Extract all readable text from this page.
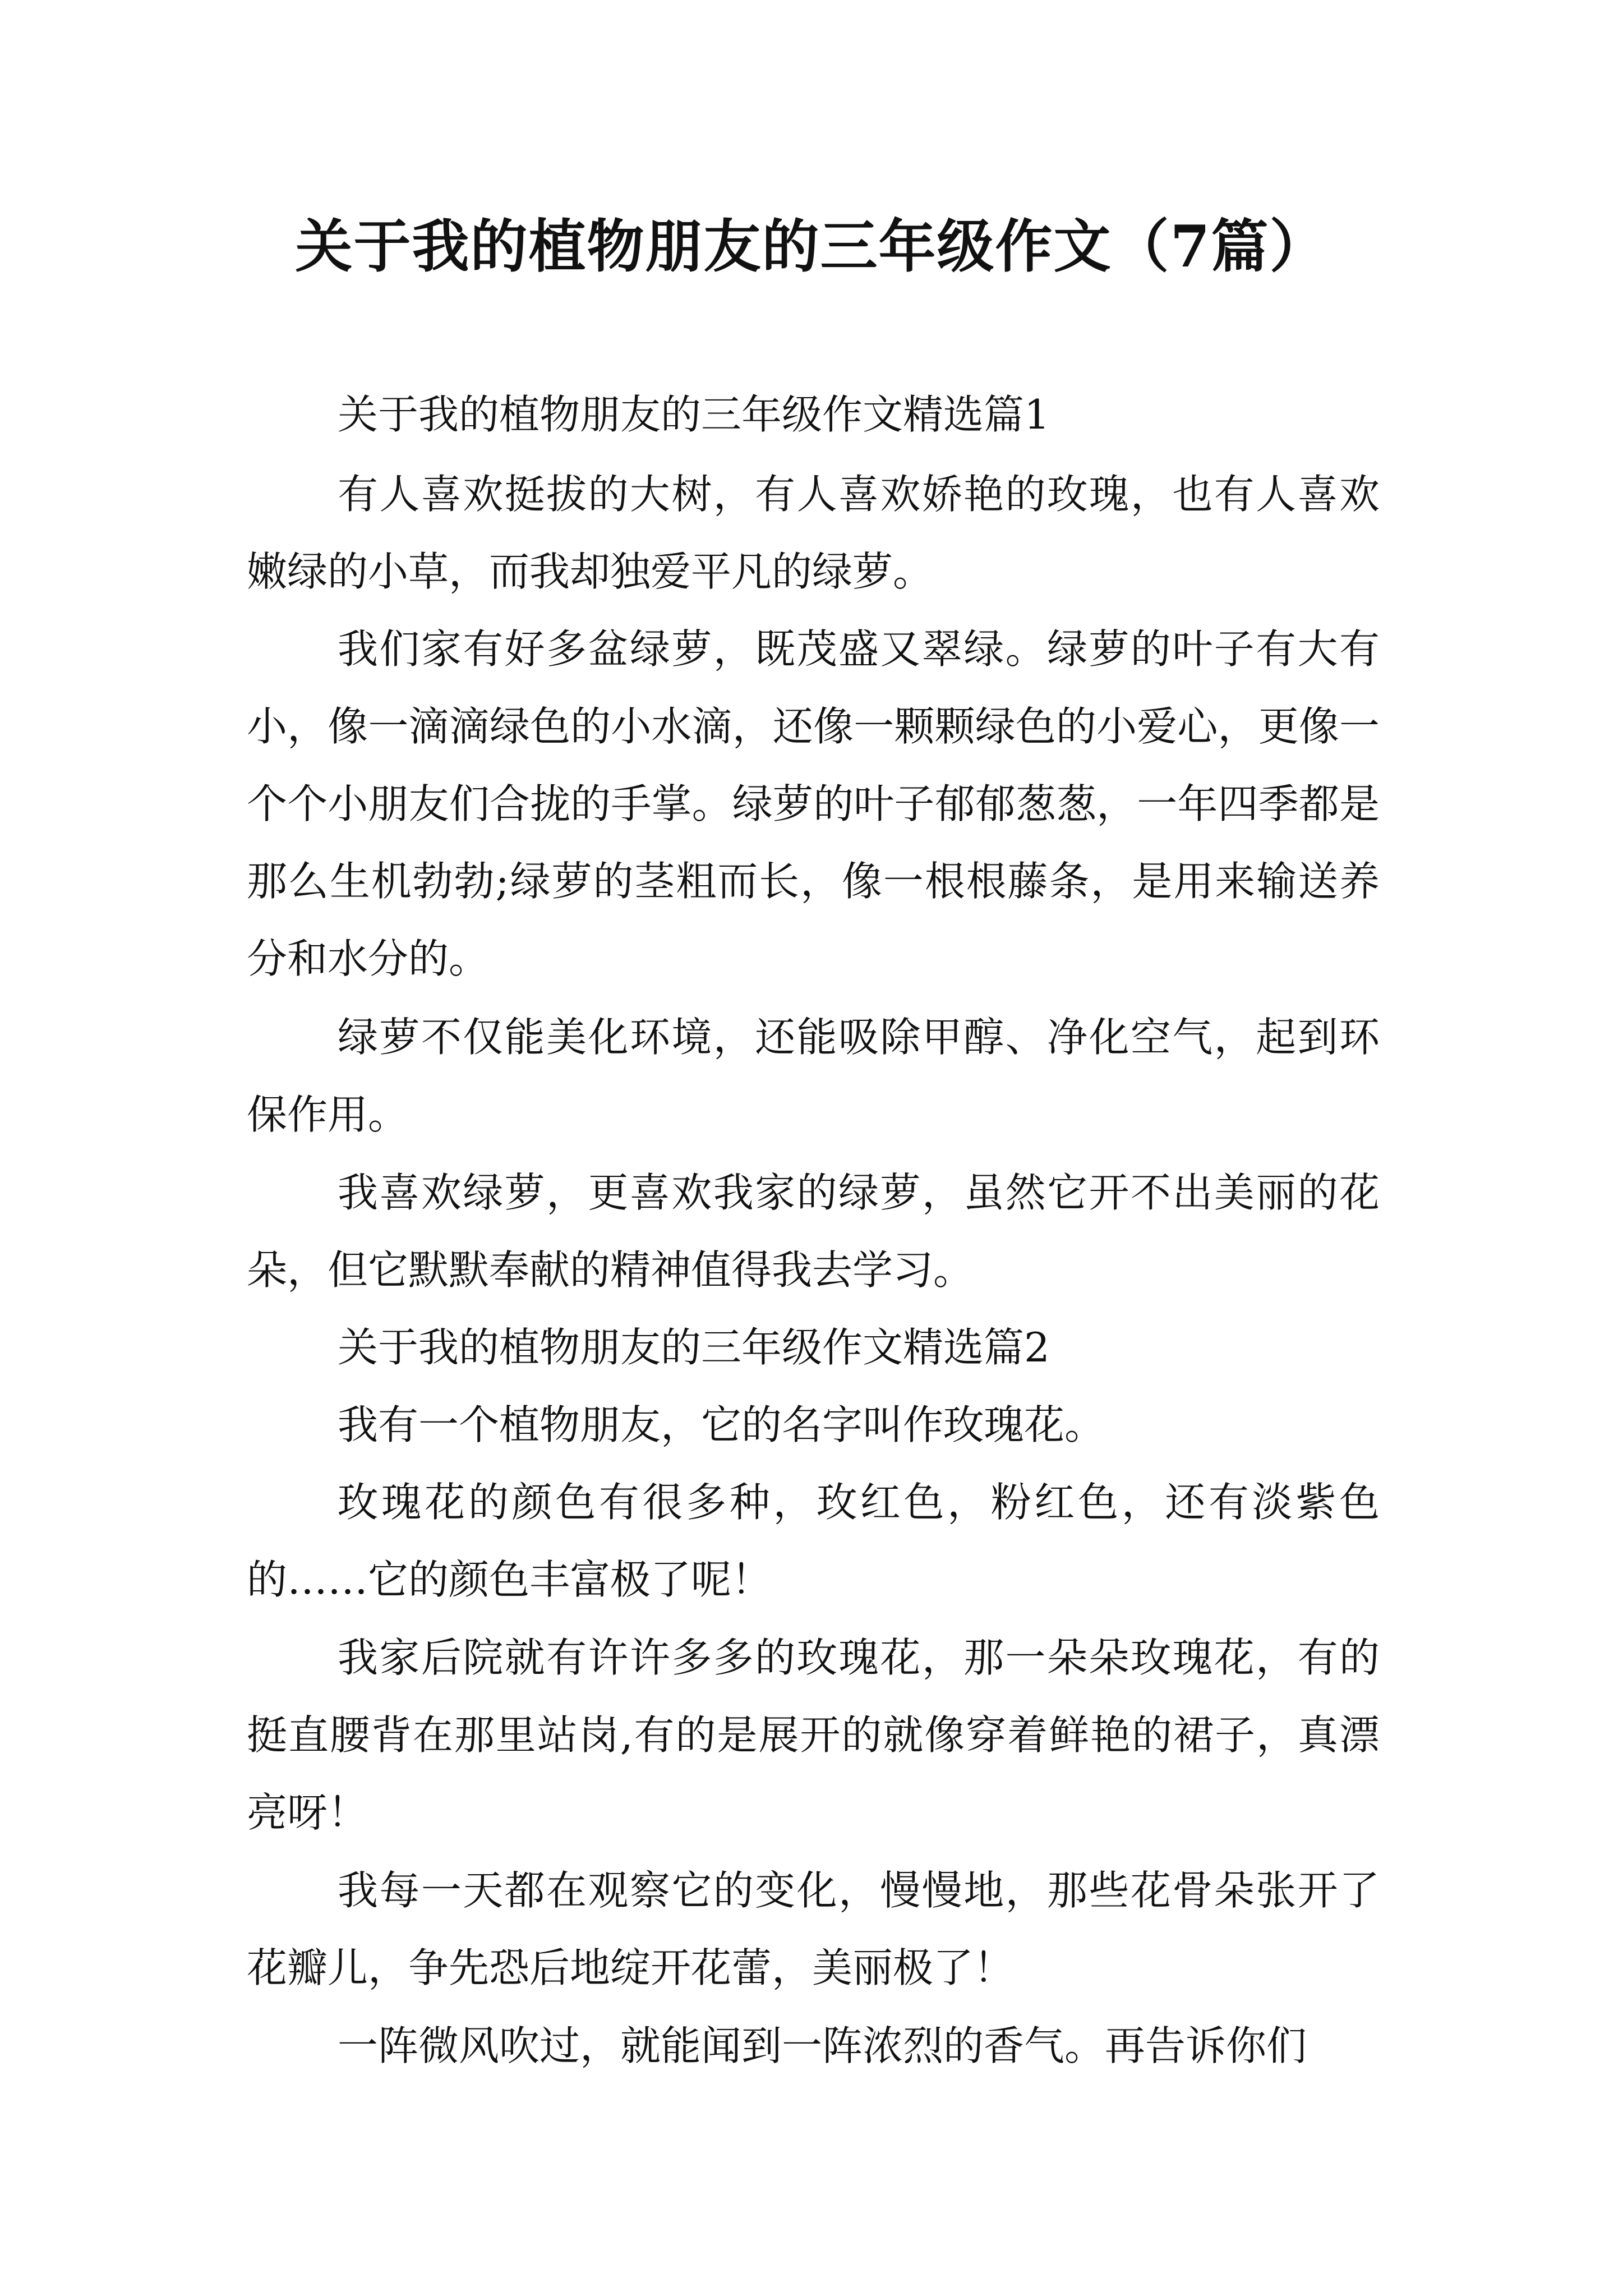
关于我的植物朋友的三年级作文（7篇）

关于我的植物朋友的三年级作文精选篇1

有人喜欢挺拔的大树，有人喜欢娇艳的玫瑰，也有人喜欢嫩绿的小草，而我却独爱平凡的绿萝。

我们家有好多盆绿萝，既茂盛又翠绿。绿萝的叶子有大有小，像一滴滴绿色的小水滴，还像一颗颗绿色的小爱心，更像一个个小朋友们合拢的手掌。绿萝的叶子郁郁葱葱，一年四季都是那么生机勃勃;绿萝的茎粗而长，像一根根藤条，是用来输送养分和水分的。

绿萝不仅能美化环境，还能吸除甲醇、净化空气，起到环保作用。

我喜欢绿萝，更喜欢我家的绿萝，虽然它开不出美丽的花朵，但它默默奉献的精神值得我去学习。

关于我的植物朋友的三年级作文精选篇2

我有一个植物朋友，它的名字叫作玫瑰花。

玫瑰花的颜色有很多种，玫红色，粉红色，还有淡紫色的……它的颜色丰富极了呢！

我家后院就有许许多多的玫瑰花，那一朵朵玫瑰花，有的挺直腰背在那里站岗,有的是展开的就像穿着鲜艳的裙子，真漂亮呀！

我每一天都在观察它的变化，慢慢地，那些花骨朵张开了花瓣儿，争先恐后地绽开花蕾，美丽极了！

一阵微风吹过，就能闻到一阵浓烈的香气。再告诉你们
